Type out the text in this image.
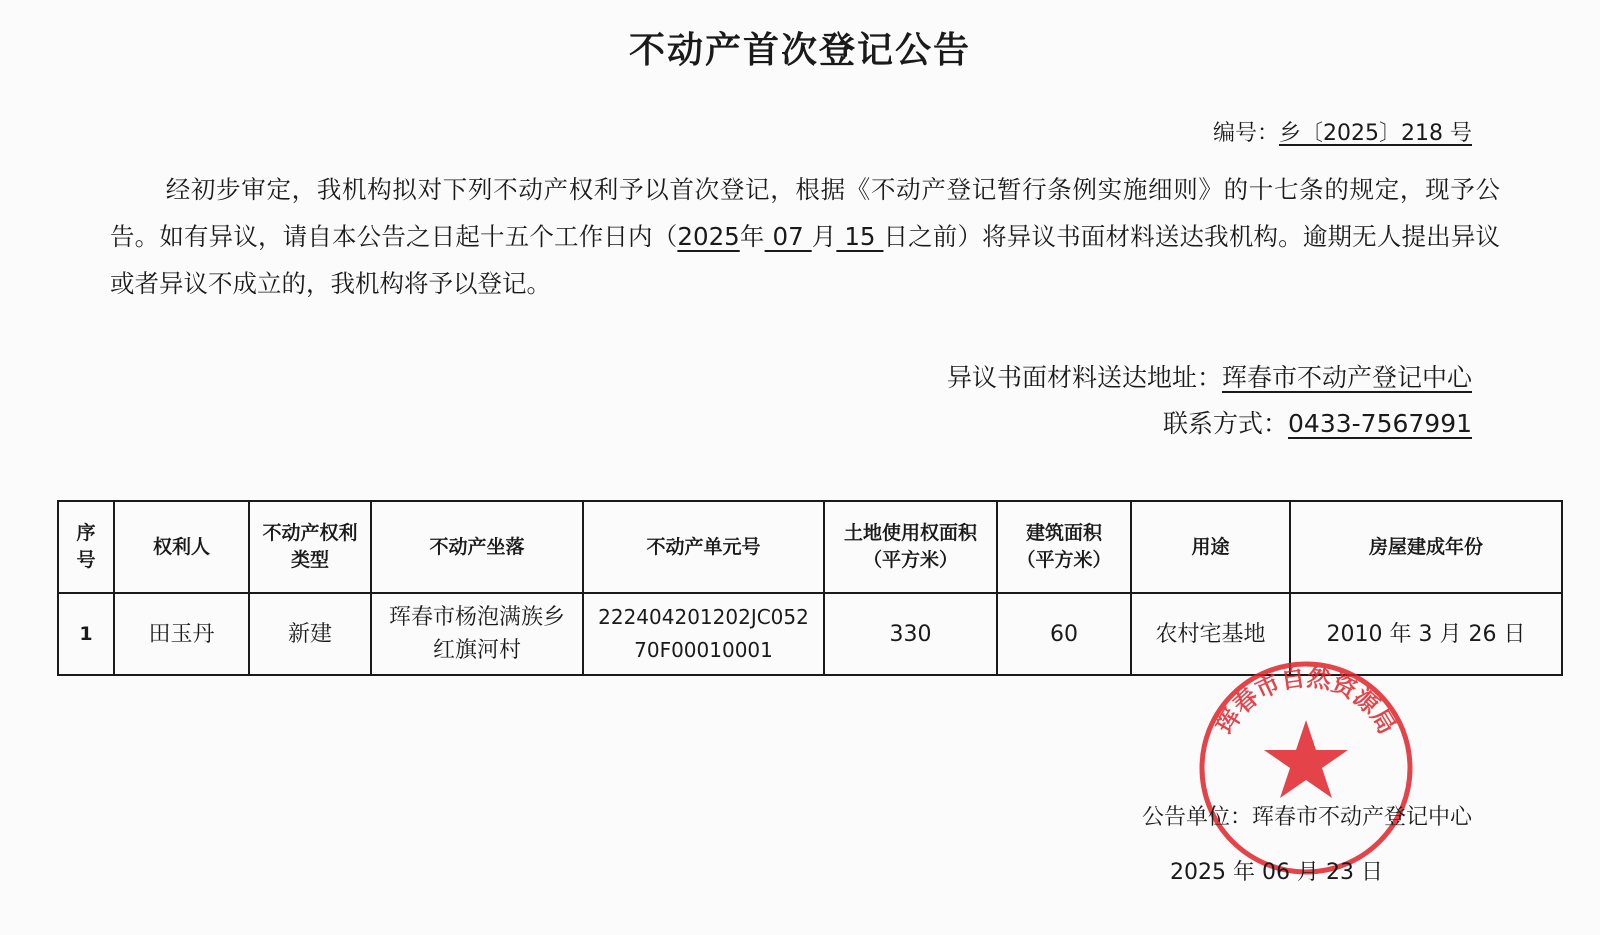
不动产首次登记公告
编号：乡〔2025〕218 号
经初步审定，我机构拟对下列不动产权利予以首次登记，根据《不动产登记暂行条例实施细则》的十七条的规定，现予公告。如有异议，请自本公告之日起十五个工作日内（2025年 07 月 15 日之前）将异议书面材料送达我机构。逾期无人提出异议或者异议不成立的，我机构将予以登记。
异议书面材料送达地址：珲春市不动产登记中心
联系方式：0433-7567991
序号	权利人	不动产权利类型	不动产坐落	不动产单元号	土地使用权面积（平方米）	建筑面积（平方米）	用途	房屋建成年份
1	田玉丹	新建	珲春市杨泡满族乡红旗河村	222404201202JC05270F00010001	330	60	农村宅基地	2010 年 3 月 26 日
珲春市自然资源局
公告单位：珲春市不动产登记中心
2025 年 06 月 23 日
